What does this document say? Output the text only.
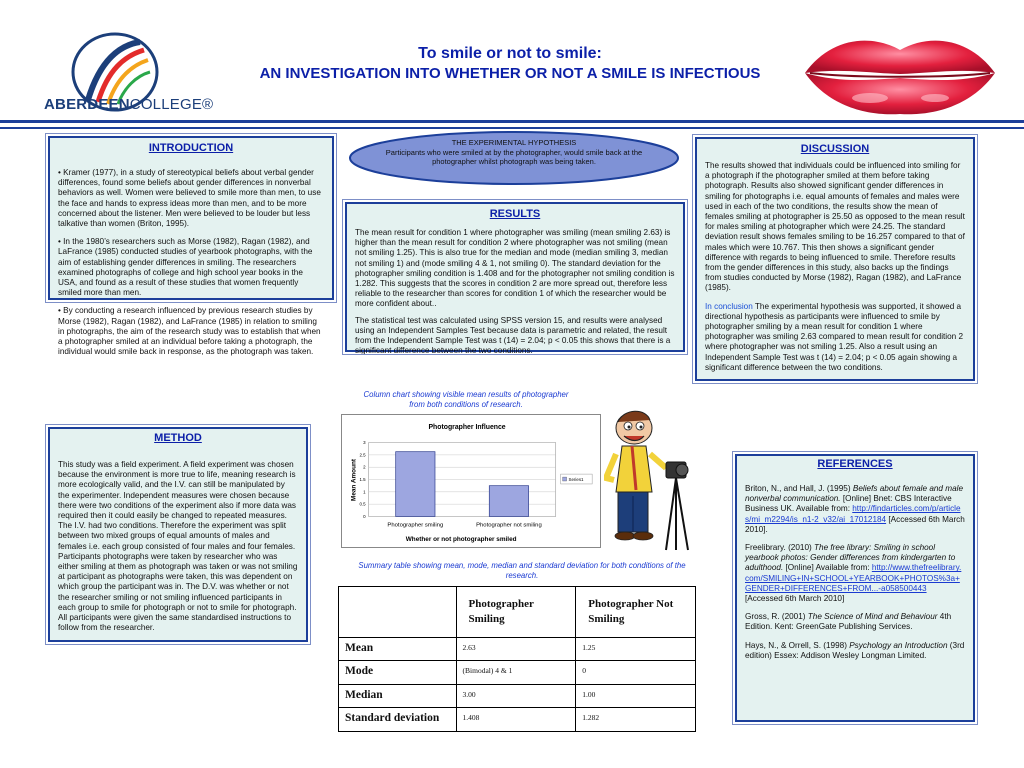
ABERDEENCOLLEGE®
To smile or not to smile:
AN INVESTIGATION INTO WHETHER OR NOT A SMILE IS INFECTIOUS
INTRODUCTION

• Kramer (1977), in a study of stereotypical beliefs about verbal gender differences, found some beliefs about gender differences in nonverbal behaviors as well. Women were believed to smile more than men, to use the face and hands to express ideas more than men, and to be more concerned about the listener. Men were believed to be louder but less talkative than women (Briton, 1995).

• In the 1980’s researchers such as Morse (1982), Ragan (1982), and LaFrance (1985) conducted studies of yearbook photographs, with the aim of establishing gender differences in smiling. The researchers examined photographs of college and high school year books in the USA, and found as a result of these studies that women frequently smiled more than men.

• By conducting a research influenced by previous research studies by Morse (1982), Ragan (1982), and LaFrance (1985) in relation to smiling in photographs, the aim of the research study was to establish that when a photographer smiled at an individual before taking a photograph, the individual would smile back in response, as the photograph was taken.

THE EXPERIMENTAL HYPOTHESIS
Participants who were smiled at by the photographer, would smile back at the photographer whilst photograph was being taken.
RESULTS

The mean result for condition 1 where photographer was smiling (mean smiling 2.63) is higher than the mean result for condition 2 where photographer was not smiling (mean not smiling 1.25). This is also true for the median and mode (median smiling 3, median not smiling 1) and (mode smiling 4 & 1, not smiling 0). The standard deviation for the photographer smiling condition is 1.408 and for the photographer not smiling condition is 1.282. This suggests that the scores in condition 2 are more spread out, therefore less reliable to the researcher than scores for condition 1 of which the researcher would be more confident about..

The statistical test was calculated using SPSS version 15, and results were analysed using an Independent Samples Test because data is parametric and related, the result from the Independent Sample Test was t (14) = 2.04; p < 0.05 this shows that there is a significant difference between the two conditions.

DISCUSSION

The results showed that individuals could be influenced into smiling for a photograph if the photographer smiled at them before taking photograph. Results also showed significant gender differences in smiling for photographs i.e. equal amounts of females and males were used in each of the two conditions, the results show the mean of females smiling at photographer is 25.50 as opposed to the mean result for males smiling at photographer which were 24.25. The standard deviation result shows females smiling to be 16.257 compared to that of males which were 10.767. This then shows a significant gender difference with regards to being influenced to smile. Therefore results from the gender differences in this study, also backs up the findings from studies conducted by Morse (1982), Ragan (1982), and LaFrance (1985).

In conclusion The experimental hypothesis was supported, it showed a directional hypothesis as participants were influenced to smile by photographer smiling by a mean result for condition 1 where photographer was smiling 2.63 compared to mean result for condition 2 where photographer was not smiling 1.25. Also a result using an Independent Sample Test was t (14) = 2.04; p < 0.05 again showing a significant difference between the two conditions.

METHOD

This study was a field experiment. A field experiment was chosen because the environment is more true to life, meaning research is more ecologically valid, and the I.V. can still be manipulated by the experimenter. Independent measures were chosen because there were two conditions of the experiment also if more data was required then it could easily be changed to repeated measures.
The I.V. had two conditions. Therefore the experiment was split between two mixed groups of equal amounts of males and females i.e. each group consisted of four males and four females. Participants photographs were taken by researcher who was either smiling at them as photograph was taken or was not smiling at participant as photographs were taken, this was dependent on which group the participant was in. The D.V. was whether or not the researcher smiling or not smiling influenced participants in each group to smile for photograph or not to smile for photograph. All participants were given the same standardised instructions to follow from the researcher.

Column chart showing visible mean results of photographer from both conditions of research.
Photographer Influence
0
0.5
1
1.5
2
2.5
3
Photographer smiling	Photographer not smiling
Whether or not photographer smiled
Mean Amount	Series1
Summary table showing mean, mode, median and standard deviation for both conditions of the research.
	Photographer Smiling	Photographer Not Smiling
Mean	2.63	1.25
Mode	(Bimodal) 4 & 1	0
Median	3.00	1.00
Standard deviation	1.408	1.282
REFERENCES

Briton, N., and Hall, J. (1995) Beliefs about female and male nonverbal communication. [Online] Bnet: CBS Interactive Business UK. Available from: http://findarticles.com/p/articles/mi_m2294/is_n1-2_v32/ai_17012184 [Accessed 6th March 2010].

Freelibrary. (2010) The free library: Smiling in school yearbook photos: Gender differences from kindergarten to adulthood. [Online] Available from: http://www.thefreelibrary.com/SMILING+IN+SCHOOL+YEARBOOK+PHOTOS%3a+GENDER+DIFFERENCES+FROM...-a058500443 [Accessed 6th March 2010]

Gross, R. (2001) The Science of Mind and Behaviour 4th Edition. Kent: GreenGate Publishing Services.

Hays, N., & Orrell, S. (1998) Psychology an Introduction (3rd edition) Essex: Addison Wesley Longman Limited.
